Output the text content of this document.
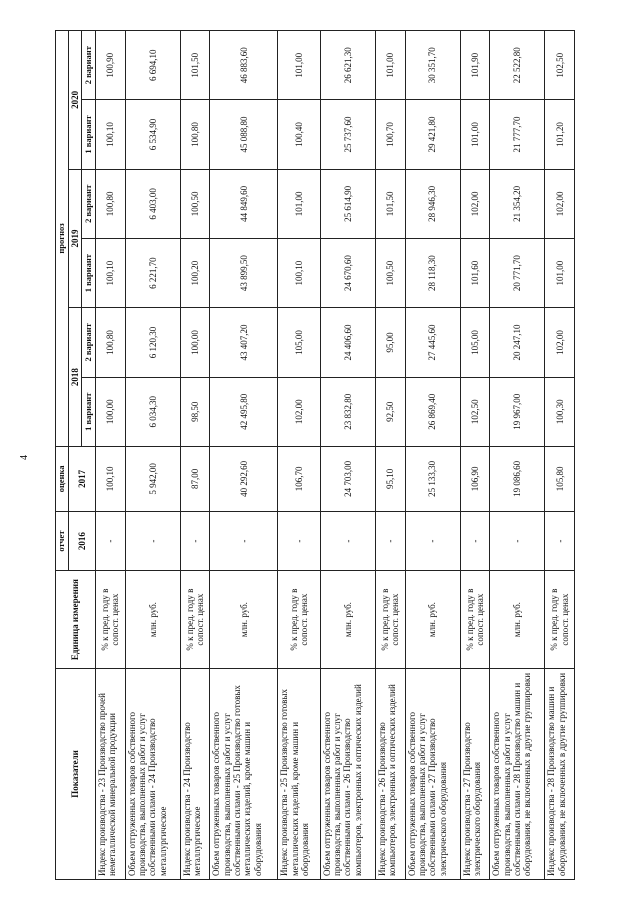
4
Показатели	Единица измерения	отчет	оценка	прогноз					
		2016	2017	2018		2019		2020	
				1 вариант	2 вариант	1 вариант	2 вариант	1 вариант	2 вариант
Индекс производства - 23 Производство прочей неметаллической минеральной продукции	% к пред. году в сопост. ценах	-	100,10	100,00	100,80	100,10	100,80	100,10	100,90
Объем отгруженных товаров собственного производства, выполненных работ и услуг собственными силами - 24 Производство металлургическое	млн. руб.	-	5 942,00	6 034,30	6 120,30	6 221,70	6 403,00	6 534,90	6 694,10
Индекс производства - 24 Производство металлургическое	% к пред. году в сопост. ценах	-	87,00	98,50	100,00	100,20	100,50	100,80	101,50
Объем отгруженных товаров собственного производства, выполненных работ и услуг собственными силами - 25 Производство готовых металлических изделий, кроме машин и оборудования	млн. руб.	-	40 292,60	42 495,80	43 407,20	43 899,50	44 849,60	45 088,80	46 883,60
Индекс производства - 25 Производство готовых металлических изделий, кроме машин и оборудования	% к пред. году в сопост. ценах	-	106,70	102,00	105,00	100,10	101,00	100,40	101,00
Объем отгруженных товаров собственного производства, выполненных работ и услуг собственными силами - 26 Производство компьютеров, электронных и оптических изделий	млн. руб.	-	24 703,00	23 832,80	24 406,60	24 670,60	25 614,90	25 737,60	26 621,30
Индекс производства - 26 Производство компьютеров, электронных и оптических изделий	% к пред. году в сопост. ценах	-	95,10	92,50	95,00	100,50	101,50	100,70	101,00
Объем отгруженных товаров собственного производства, выполненных работ и услуг собственными силами - 27 Производство электрического оборудования	млн. руб.	-	25 133,30	26 869,40	27 445,60	28 118,30	28 946,30	29 421,80	30 351,70
Индекс производства - 27 Производство электрического оборудования	% к пред. году в сопост. ценах	-	106,90	102,50	105,00	101,60	102,00	101,00	101,90
Объем отгруженных товаров собственного производства, выполненных работ и услуг собственными силами - 28 Производство машин и оборудования, не включенных в другие группировки	млн. руб.	-	19 086,60	19 967,00	20 247,10	20 771,70	21 354,20	21 777,70	22 522,80
Индекс производства - 28 Производство машин и оборудования, не включенных в другие группировки	% к пред. году в сопост. ценах	-	105,80	100,30	102,00	101,00	102,00	101,20	102,50
